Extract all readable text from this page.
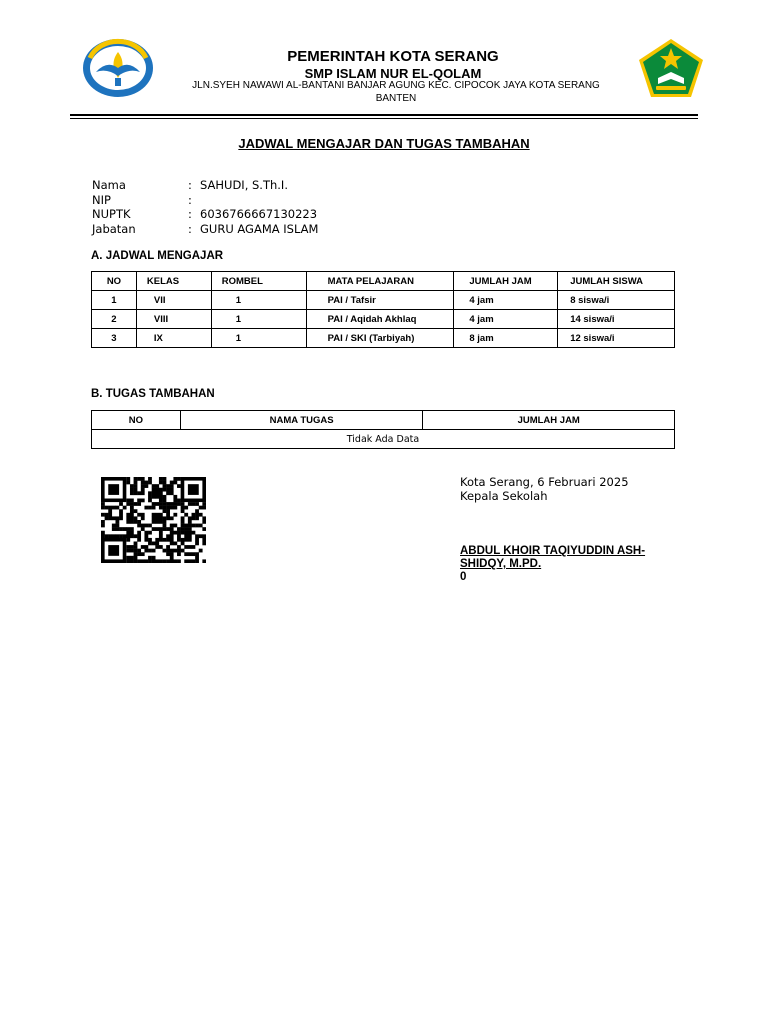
PEMERINTAH KOTA SERANG
SMP ISLAM NUR EL-QOLAM
JLN.SYEH NAWAWI AL-BANTANI BANJAR AGUNG KEC. CIPOCOK JAYA KOTA SERANG BANTEN
JADWAL MENGAJAR DAN TUGAS TAMBAHAN
Nama	: SAHUDI, S.Th.I.
NIP	:
NUPTK	: 6036766667130223
Jabatan	: GURU AGAMA ISLAM
A. JADWAL MENGAJAR
NO	KELAS	ROMBEL	MATA PELAJARAN	JUMLAH JAM	JUMLAH SISWA
1	VII	1	PAI / Tafsir	4 jam	8 siswa/i
2	VIII	1	PAI / Aqidah Akhlaq	4 jam	14 siswa/i
3	IX	1	PAI / SKI (Tarbiyah)	8 jam	12 siswa/i
B. TUGAS TAMBAHAN
NO	NAMA TUGAS	JUMLAH JAM
Tidak Ada Data
Kota Serang, 6 Februari 2025
Kepala Sekolah
ABDUL KHOIR TAQIYUDDIN ASH-SHIDQY, M.PD.
0
